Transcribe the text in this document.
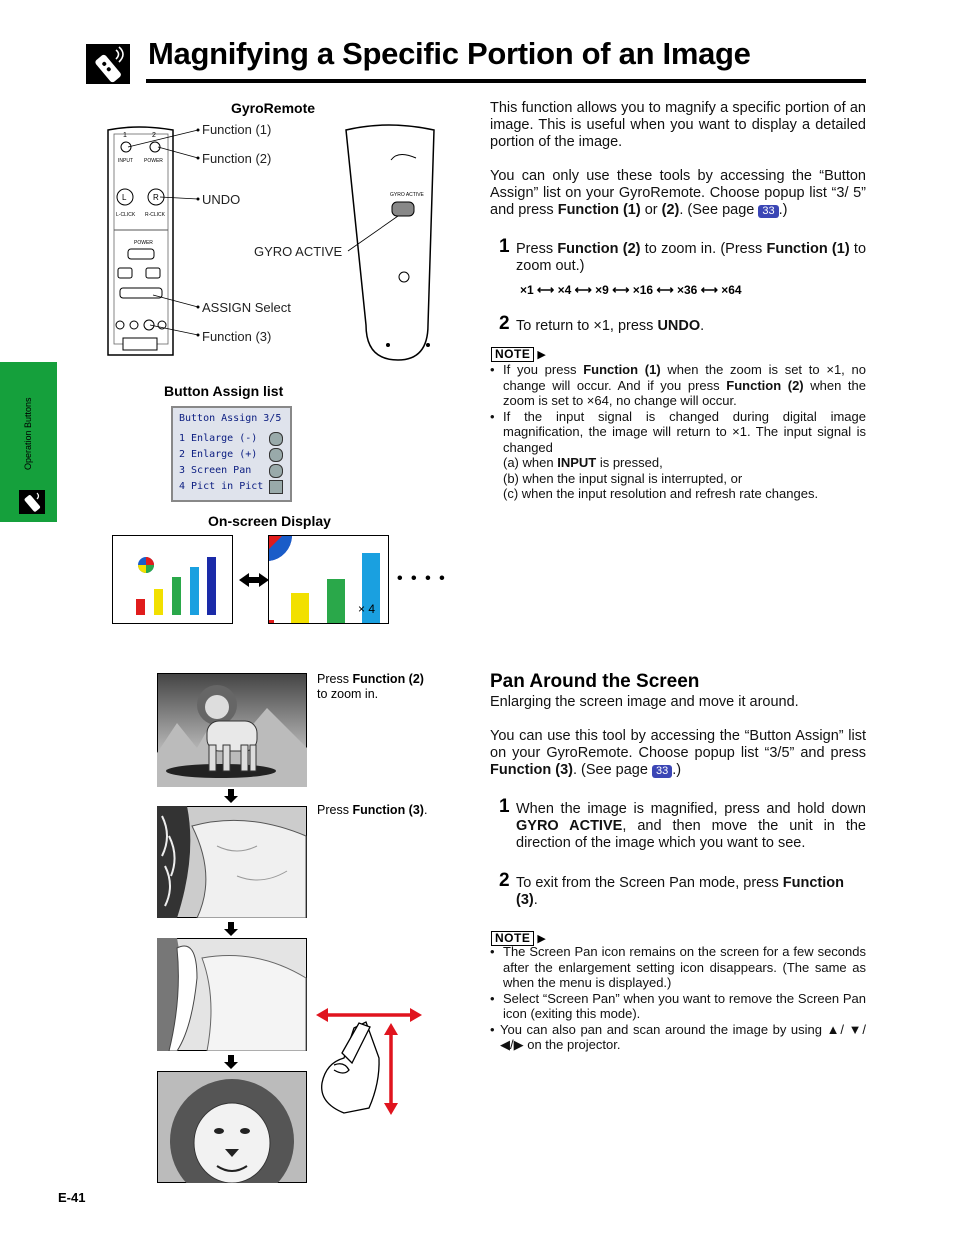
Magnifying a Specific Portion of an Image
Operation Buttons
GyroRemote
1	2
INPUT POWER
L	R
L-CLICK R-CLICK
POWER
GYRO ACTIVE
Function (1)
Function (2)
UNDO
GYRO ACTIVE
ASSIGN Select
Function (3)
Button Assign list
Button Assign 3/5
1 Enlarge (-)
2 Enlarge (+)
3 Screen Pan
4 Pict in Pict
On-screen Display
× 4
• • • •
This function allows you to magnify a specific portion of an image. This is useful when you want to display a detailed portion of the image.
You can only use these tools by accessing the “Button Assign” list on your GyroRemote. Choose popup list “3/ 5” and press Function (1) or (2). (See page 33 .)
1 Press Function (2) to zoom in. (Press Function (1) to zoom out.)
×1 ⟷ ×4 ⟷ ×9 ⟷ ×16 ⟷ ×36 ⟷ ×64
2 To return to ×1, press UNDO.
NOTE ▶
• If you press Function (1) when the zoom is set to ×1, no change will occur. And if you press Function (2) when the zoom is set to ×64, no change will occur.
• If the input signal is changed during digital image magnification, the image will return to ×1. The input signal is changed
(a) when INPUT is pressed,
(b) when the input signal is interrupted, or
(c) when the input resolution and refresh rate changes.
Pan Around the Screen
Enlarging the screen image and move it around.
You can use this tool by accessing the “Button Assign” list on your GyroRemote. Choose popup list “3/5” and press Function (3). (See page 33 .)
1 When the image is magnified, press and hold down GYRO ACTIVE, and then move the unit in the direction of the image which you want to see.
2 To exit from the Screen Pan mode, press Function (3).
NOTE ▶
• The Screen Pan icon remains on the screen for a few seconds after the enlargement setting icon disappears. (The same as when the menu is displayed.)
• Select “Screen Pan” when you want to remove the Screen Pan icon (exiting this mode).
• You can also pan and scan around the image by using ▲/ ▼/◀/▶ on the projector.
Press Function (2)
to zoom in.
Press Function (3).
E-41
